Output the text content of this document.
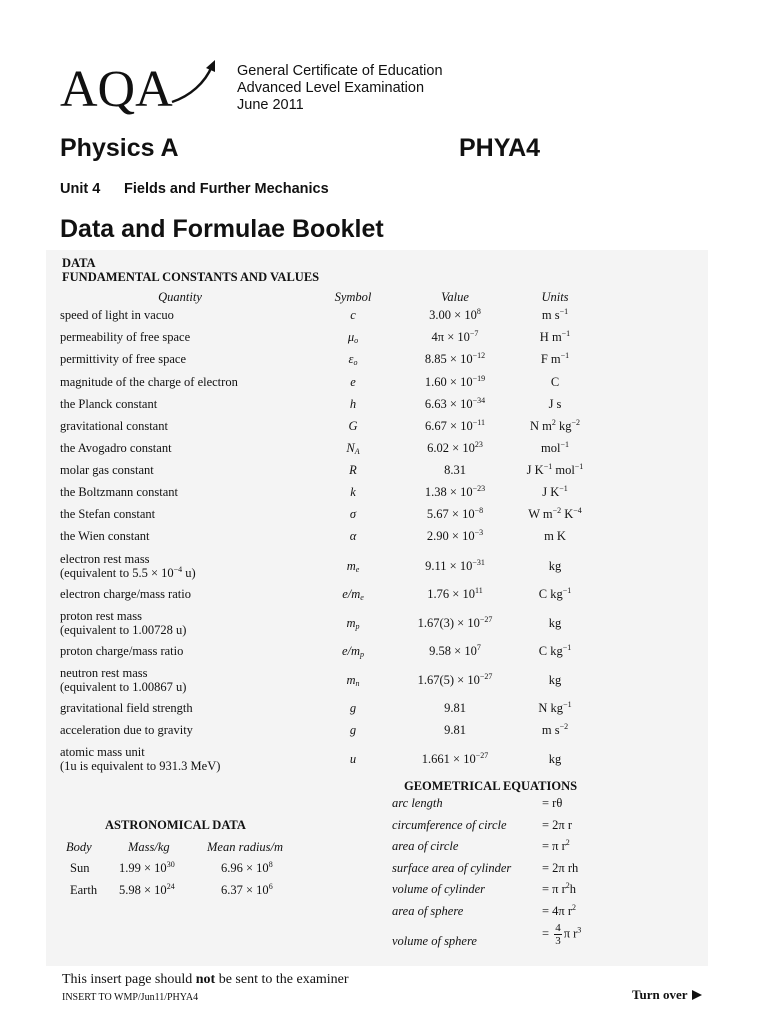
AQA	General Certificate of Education
Advanced Level Examination
June 2011
Physics A	PHYA4
Unit 4 Fields and Further Mechanics
Data and Formulae Booklet
DATA
FUNDAMENTAL CONSTANTS AND VALUES
Quantity	Symbol	Value	Units
speed of light in vacuo	c	$3.00 \times 10^8$	m $s^{-1}$
permeability of free space	$\mu_o$	$4\pi \times 10^{-7}$	H $m^{-1}$
permittivity of free space	$\varepsilon_o$	$8.85 \times 10^{-12}$	F $m^{-1}$
magnitude of the charge of electron	e	$1.60 \times 10^{-19}$	C
the Planck constant	h	$6.63 \times 10^{-34}$	J s
gravitational constant	G	$6.67 \times 10^{-11}$	N $m^2$ $kg^{-2}$
the Avogadro constant	$N_A$	$6.02 \times 10^{23}$	mol$^{-1}$
molar gas constant	R	8.31	J $K^{-1}$ mol$^{-1}$
the Boltzmann constant	k	$1.38 \times 10^{-23}$	J $K^{-1}$
the Stefan constant	σ	$5.67 \times 10^{-8}$	W $m^{-2}$ $K^{-4}$
the Wien constant	α	$2.90 \times 10^{-3}$	m K
electron rest mass
(equivalent to $5.5 \times 10^{-4}$ u)	$m_e$	$9.11 \times 10^{-31}$	kg
electron charge/mass ratio	$e/m_e$	$1.76 \times 10^{11}$	C $kg^{-1}$
proton rest mass
(equivalent to 1.00728 u)	$m_p$	$1.67(3) \times 10^{-27}$	kg
proton charge/mass ratio	$e/m_p$	$9.58 \times 10^7$	C $kg^{-1}$
neutron rest mass
(equivalent to 1.00867 u)	$m_n$	$1.67(5) \times 10^{-27}$	kg
gravitational field strength	g	9.81	N $kg^{-1}$
acceleration due to gravity	g	9.81	m $s^{-2}$
atomic mass unit
(1u is equivalent to 931.3 MeV)	u	$1.661 \times 10^{-27}$	kg
GEOMETRICAL EQUATIONS
arc length	= rθ
circumference of circle	= 2π r
area of circle	= π $r^2$
surface area of cylinder = 2π rh
volume of cylinder	= π $r^2h$
area of sphere	= 4π $r^2$
volume of sphere
= $\frac{4}{3}$ π $r^3$
ASTRONOMICAL DATA
Body	Mass/kg	Mean radius/m
Sun $1.99 \times 10^{30}$	$6.96 \times 10^8$
Earth $5.98 \times 10^{24}$	$6.37 \times 10^6$
This insert page should not be sent to the examiner
INSERT TO WMP/Jun11/PHYA4	Turn over
